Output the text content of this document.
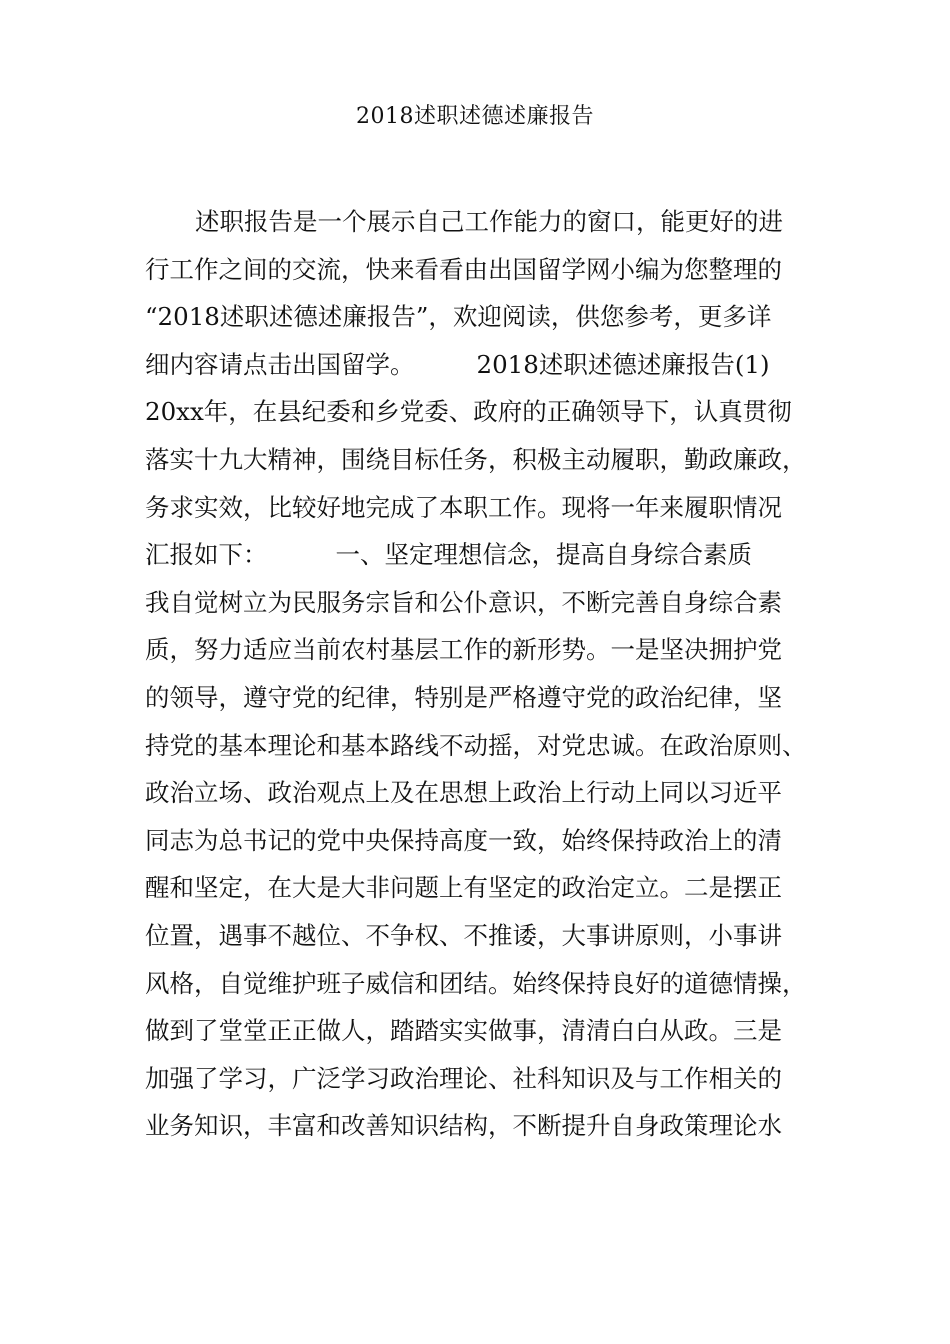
2018述职述德述廉报告
述职报告是一个展示自己工作能力的窗口，能更好的进
行工作之间的交流，快来看看由出国留学网小编为您整理的
“2018述职述德述廉报告”，欢迎阅读，供您参考，更多详
细内容请点击出国留学。	2018述职述德述廉报告(1)
20xx年，在县纪委和乡党委、政府的正确领导下，认真贯彻
落实十九大精神，围绕目标任务，积极主动履职，勤政廉政，
务求实效，比较好地完成了本职工作。现将一年来履职情况
汇报如下：	一、坚定理想信念，提高自身综合素质
我自觉树立为民服务宗旨和公仆意识，不断完善自身综合素
质，努力适应当前农村基层工作的新形势。一是坚决拥护党
的领导，遵守党的纪律，特别是严格遵守党的政治纪律，坚
持党的基本理论和基本路线不动摇，对党忠诚。在政治原则、
政治立场、政治观点上及在思想上政治上行动上同以习近平
同志为总书记的党中央保持高度一致，始终保持政治上的清
醒和坚定，在大是大非问题上有坚定的政治定立。二是摆正
位置，遇事不越位、不争权、不推诿，大事讲原则，小事讲
风格，自觉维护班子威信和团结。始终保持良好的道德情操，
做到了堂堂正正做人，踏踏实实做事，清清白白从政。三是
加强了学习，广泛学习政治理论、社科知识及与工作相关的
业务知识，丰富和改善知识结构，不断提升自身政策理论水
